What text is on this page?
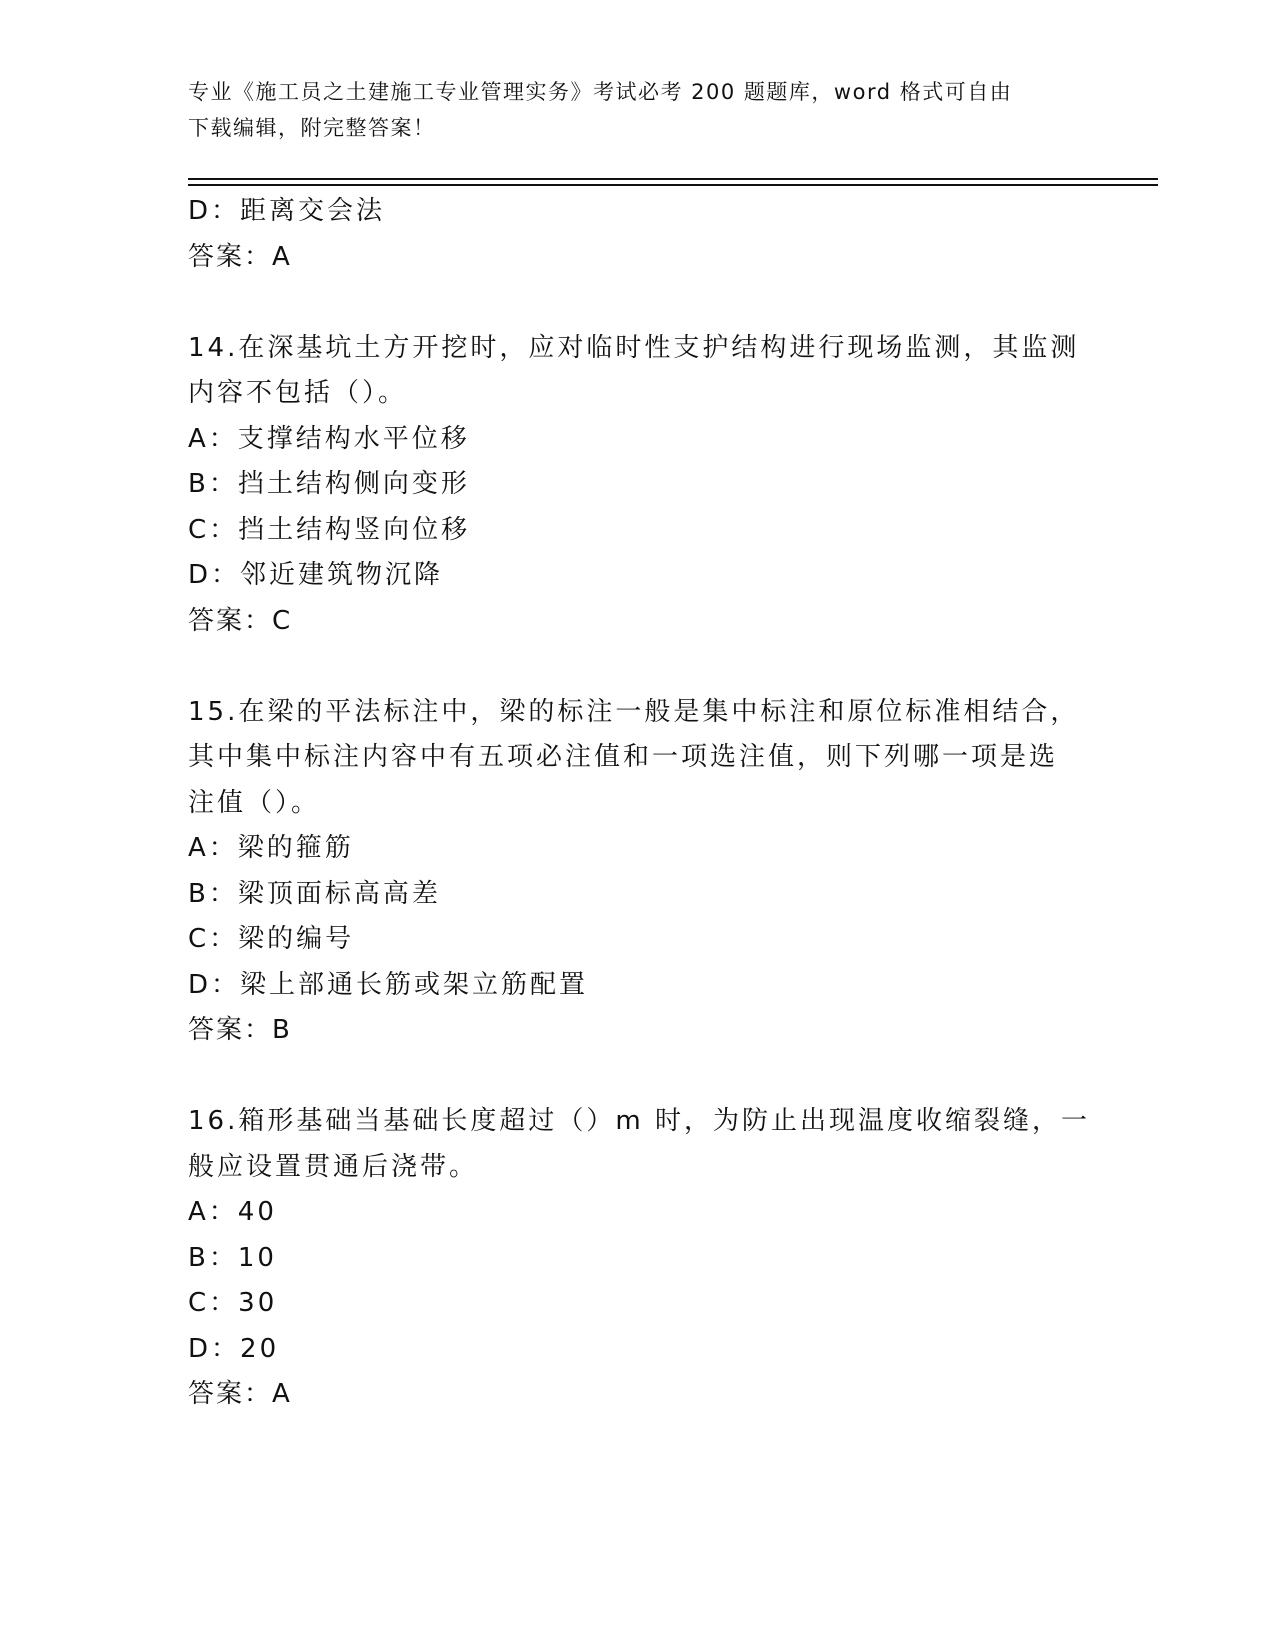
专业《施工员之土建施工专业管理实务》考试必考 200 题题库，word 格式可自由
下载编辑，附完整答案！
D：距离交会法
答案：A
14.在深基坑土方开挖时，应对临时性支护结构进行现场监测，其监测
内容不包括（）。
A：支撑结构水平位移
B：挡土结构侧向变形
C：挡土结构竖向位移
D：邻近建筑物沉降
答案：C
15.在梁的平法标注中，梁的标注一般是集中标注和原位标准相结合，
其中集中标注内容中有五项必注值和一项选注值，则下列哪一项是选
注值（）。
A：梁的箍筋
B：梁顶面标高高差
C：梁的编号
D：梁上部通长筋或架立筋配置
答案：B
16.箱形基础当基础长度超过（）m 时，为防止出现温度收缩裂缝，一
般应设置贯通后浇带。
A：40
B：10
C：30
D：20
答案：A
